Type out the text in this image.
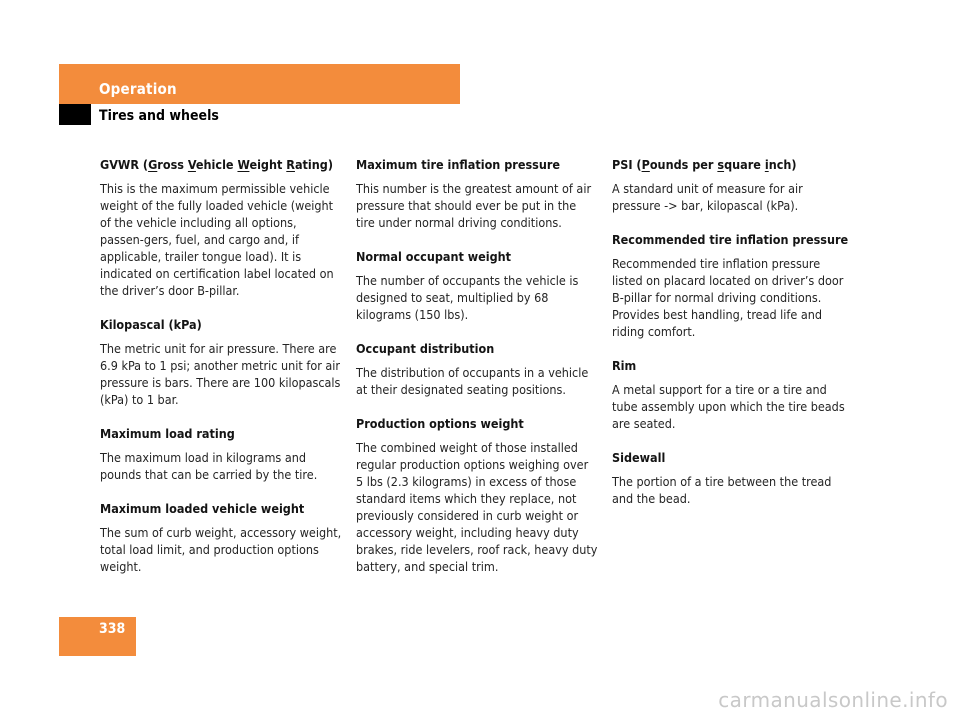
Operation
Tires and wheels

GVWR (Gross Vehicle Weight Rating)

This is the maximum permissible vehicle weight of the fully loaded vehicle (weight of the vehicle including all options, passen-gers, fuel, and cargo and, if applicable, trailer tongue load). It is indicated on certification label located on the driver’s door B-pillar.

Kilopascal (kPa)

The metric unit for air pressure. There are 6.9 kPa to 1 psi; another metric unit for air pressure is bars. There are 100 kilopascals (kPa) to 1 bar.

Maximum load rating

The maximum load in kilograms and pounds that can be carried by the tire.

Maximum loaded vehicle weight

The sum of curb weight, accessory weight, total load limit, and production options weight.

Maximum tire inflation pressure

This number is the greatest amount of air pressure that should ever be put in the tire under normal driving conditions.

Normal occupant weight

The number of occupants the vehicle is designed to seat, multiplied by 68 kilograms (150 lbs).

Occupant distribution

The distribution of occupants in a vehicle at their designated seating positions.

Production options weight

The combined weight of those installed regular production options weighing over 5 lbs (2.3 kilograms) in excess of those standard items which they replace, not previously considered in curb weight or accessory weight, including heavy duty brakes, ride levelers, roof rack, heavy duty battery, and special trim.

PSI (Pounds per square inch)

A standard unit of measure for air pressure -> bar, kilopascal (kPa).

Recommended tire inflation pressure

Recommended tire inflation pressure listed on placard located on driver’s door B-pillar for normal driving conditions. Provides best handling, tread life and riding comfort.

Rim

A metal support for a tire or a tire and tube assembly upon which the tire beads are seated.

Sidewall

The portion of a tire between the tread and the bead.

338
carmanualsonline.info
